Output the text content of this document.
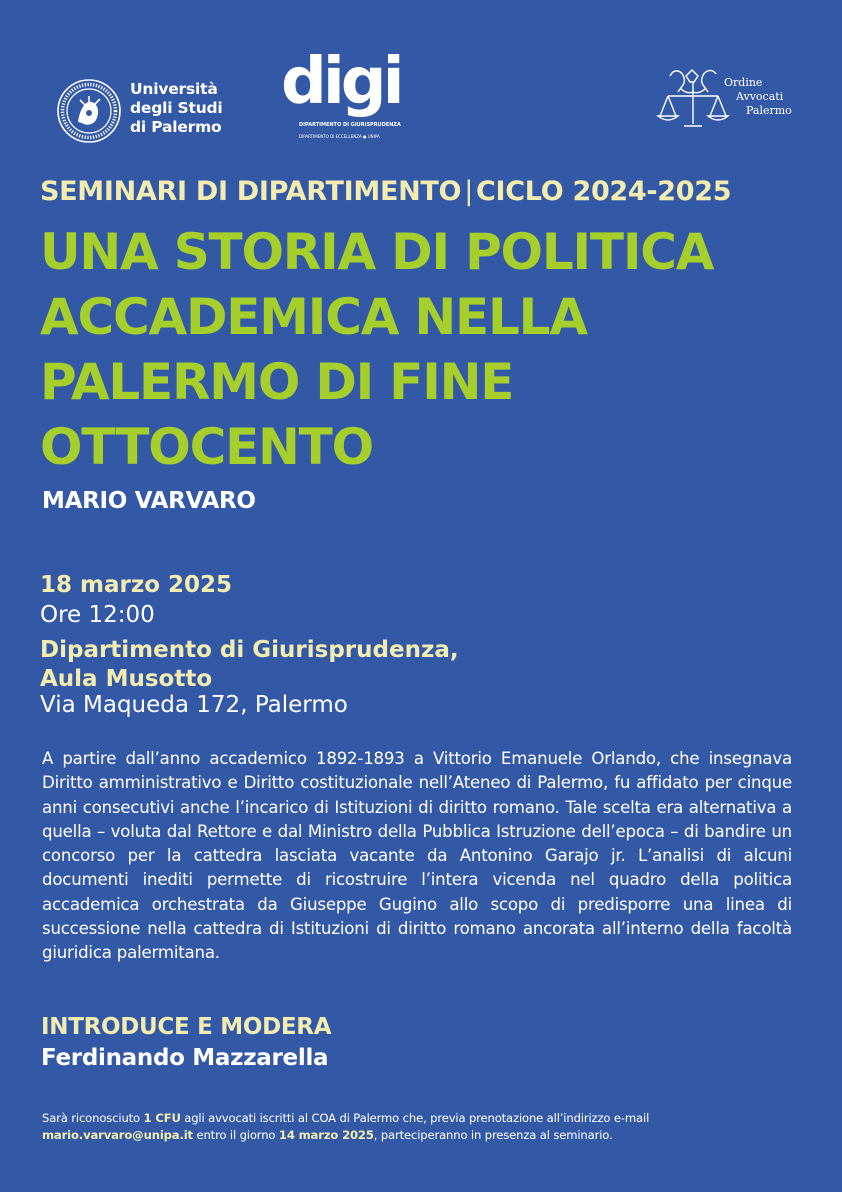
Università
degli Studi
di Palermo
digi
DIPARTIMENTO DI GIURISPRUDENZA
DIPARTIMENTO DI ECCELLENZA ● UNIPA
Ordine
Avvocati
Palermo
SEMINARI DI DIPARTIMENTO | CICLO 2024-2025
UNA STORIA DI POLITICA
ACCADEMICA NELLA
PALERMO DI FINE
OTTOCENTO
MARIO VARVARO
18 marzo 2025
Ore 12:00
Dipartimento di Giurisprudenza,
Aula Musotto
Via Maqueda 172, Palermo
A partire dall’anno accademico 1892-1893 a Vittorio Emanuele Orlando, che insegnava Diritto amministrativo e Diritto costituzionale nell’Ateneo di Palermo, fu affidato per cinque anni consecutivi anche l’incarico di Istituzioni di diritto romano. Tale scelta era alternativa a quella – voluta dal Rettore e dal Ministro della Pubblica Istruzione dell’epoca – di bandire un concorso per la cattedra lasciata vacante da Antonino Garajo jr. L’analisi di alcuni documenti inediti permette di ricostruire l’intera vicenda nel quadro della politica accademica orchestrata da Giuseppe Gugino allo scopo di predisporre una linea di successione nella cattedra di Istituzioni di diritto romano ancorata all’interno della facoltà giuridica palermitana.
INTRODUCE E MODERA
Ferdinando Mazzarella
Sarà riconosciuto 1 CFU agli avvocati iscritti al COA di Palermo che, previa prenotazione all’indirizzo e-mail
mario.varvaro@unipa.it entro il giorno 14 marzo 2025, parteciperanno in presenza al seminario.
